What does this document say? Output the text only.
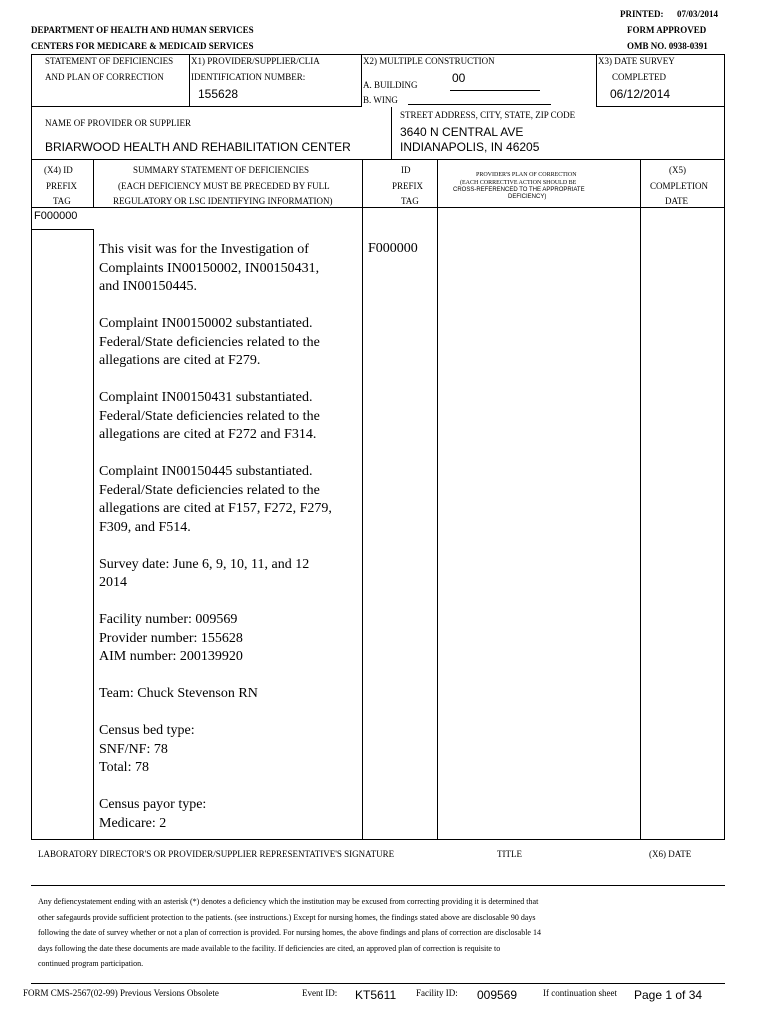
PRINTED: 07/03/2014
DEPARTMENT OF HEALTH AND HUMAN SERVICES	FORM APPROVED
CENTERS FOR MEDICARE & MEDICAID SERVICES	OMB NO. 0938-0391
STATEMENT OF DEFICIENCIES
AND PLAN OF CORRECTION
X1) PROVIDER/SUPPLIER/CLIA
IDENTIFICATION NUMBER:
155628
X2) MULTIPLE CONSTRUCTION
A. BUILDING	00
B. WING
X3) DATE SURVEY
COMPLETED
06/12/2014
NAME OF PROVIDER OR SUPPLIER
BRIARWOOD HEALTH AND REHABILITATION CENTER
STREET ADDRESS, CITY, STATE, ZIP CODE
3640 N CENTRAL AVE
INDIANAPOLIS, IN 46205
(X4) ID
PREFIX
TAG
SUMMARY STATEMENT OF DEFICIENCIES
(EACH DEFICIENCY MUST BE PRECEDED BY FULL
REGULATORY OR LSC IDENTIFYING INFORMATION)
ID
PREFIX
TAG
PROVIDER'S PLAN OF CORRECTION
(EACH CORRECTIVE ACTION SHOULD BE
CROSS-REFERENCED TO THE APPROPRIATE
DEFICIENCY)
(X5)
COMPLETION
DATE
F000000
F000000

This visit was for the Investigation of
Complaints IN00150002, IN00150431,
and IN00150445.

Complaint IN00150002 substantiated.
Federal/State deficiencies related to the
allegations are cited at F279.

Complaint IN00150431 substantiated.
Federal/State deficiencies related to the
allegations are cited at F272 and F314.

Complaint IN00150445 substantiated.
Federal/State deficiencies related to the
allegations are cited at F157, F272, F279,
F309, and F514.

Survey date: June 6, 9, 10, 11, and 12
2014

Facility number: 009569
Provider number: 155628
AIM number: 200139920

Team: Chuck Stevenson RN

Census bed type:
SNF/NF: 78
Total: 78

Census payor type:
Medicare: 2

LABORATORY DIRECTOR'S OR PROVIDER/SUPPLIER REPRESENTATIVE'S SIGNATURE	TITLE	(X6) DATE
Any defiencystatement ending with an asterisk (*) denotes a deficiency which the institution may be excused from correcting providing it is determined that
other safegaurds provide sufficient protection to the patients. (see instructions.) Except for nursing homes, the findings stated above are disclosable 90 days
following the date of survey whether or not a plan of correction is provided. For nursing homes, the above findings and plans of correction are disclosable 14
days following the date these documents are made available to the facility. If deficiencies are cited, an approved plan of correction is requisite to
continued program participation.
FORM CMS-2567(02-99) Previous Versions Obsolete	Event ID: KT5611 Facility ID: 009569	If continuation sheet Page 1 of 34
